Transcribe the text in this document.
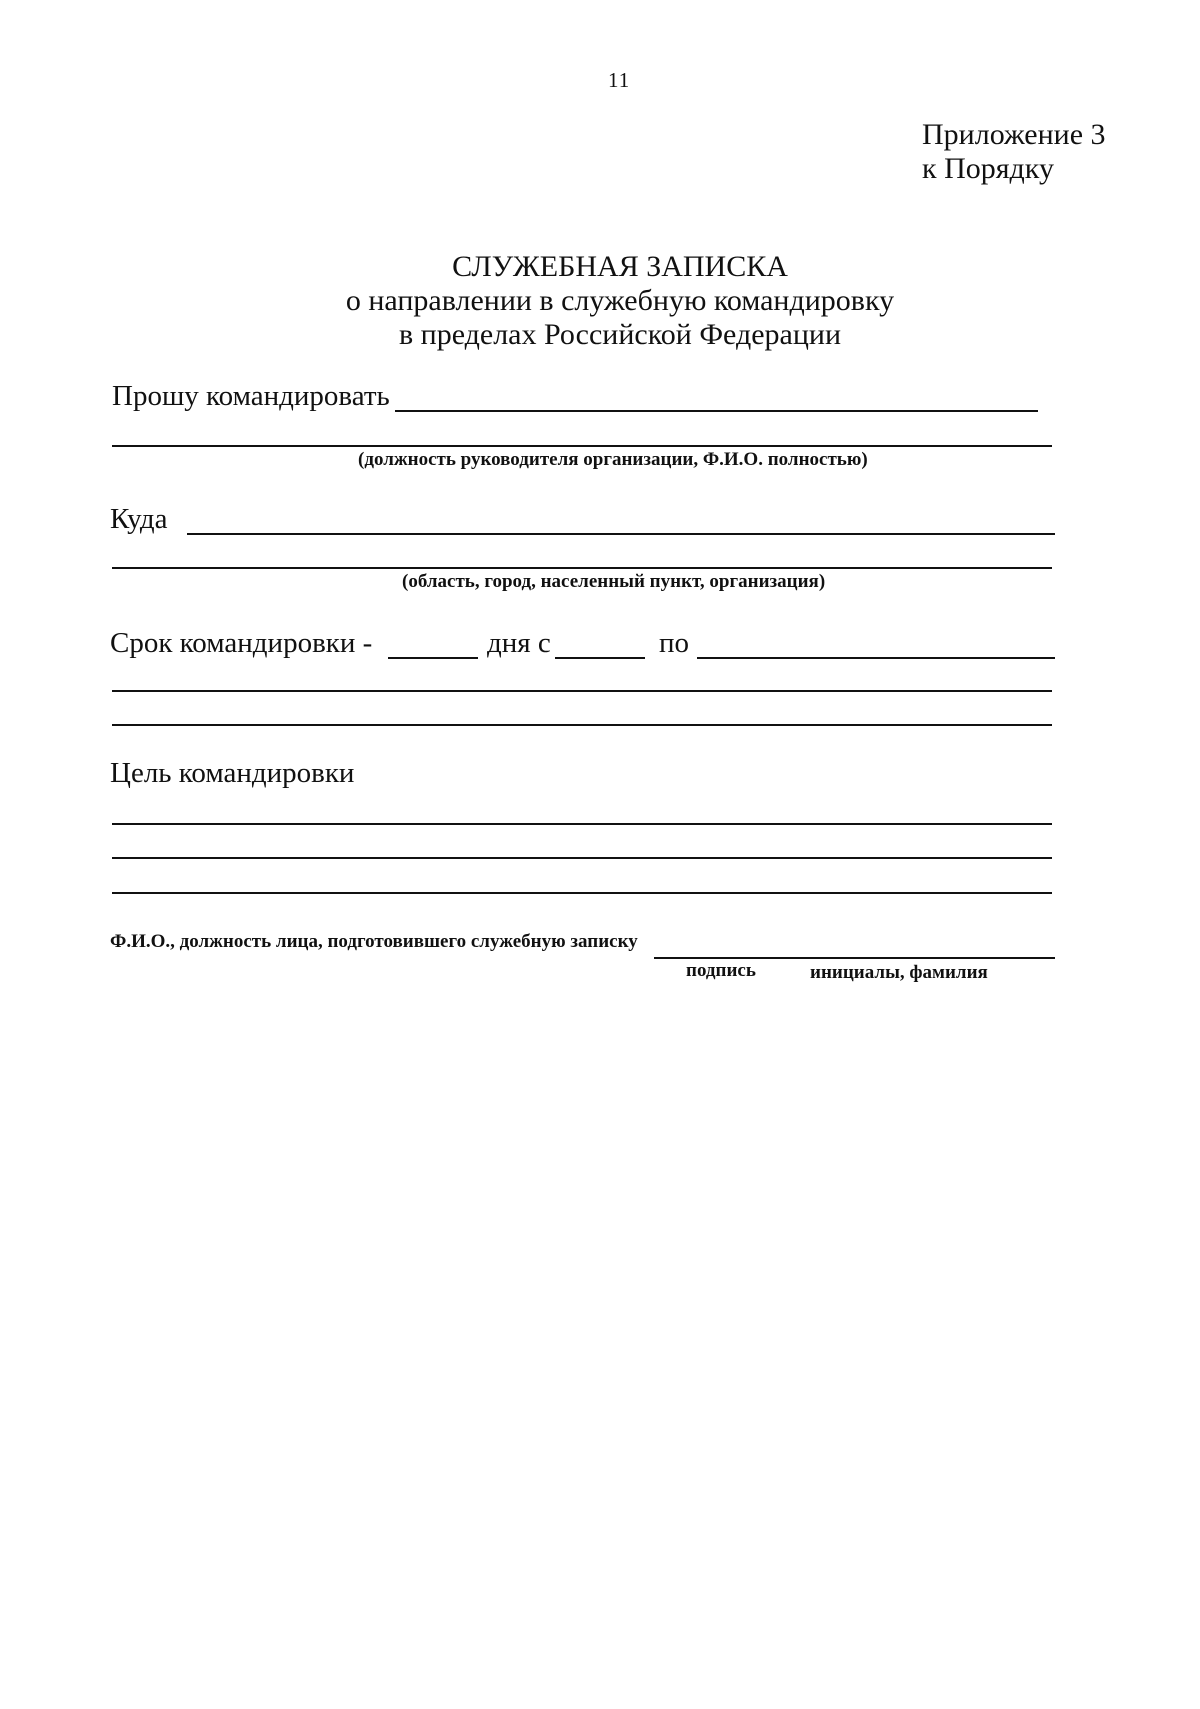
11
Приложение 3
к Порядку
СЛУЖЕБНАЯ ЗАПИСКА
о направлении в служебную командировку
в пределах Российской Федерации
Прошу командировать
(должность руководителя организации, Ф.И.О. полностью)
Куда
(область, город, населенный пункт, организация)
Срок командировки -	дня с	по
Цель командировки
Ф.И.О., должность лица, подготовившего служебную записку
подпись	инициалы, фамилия
